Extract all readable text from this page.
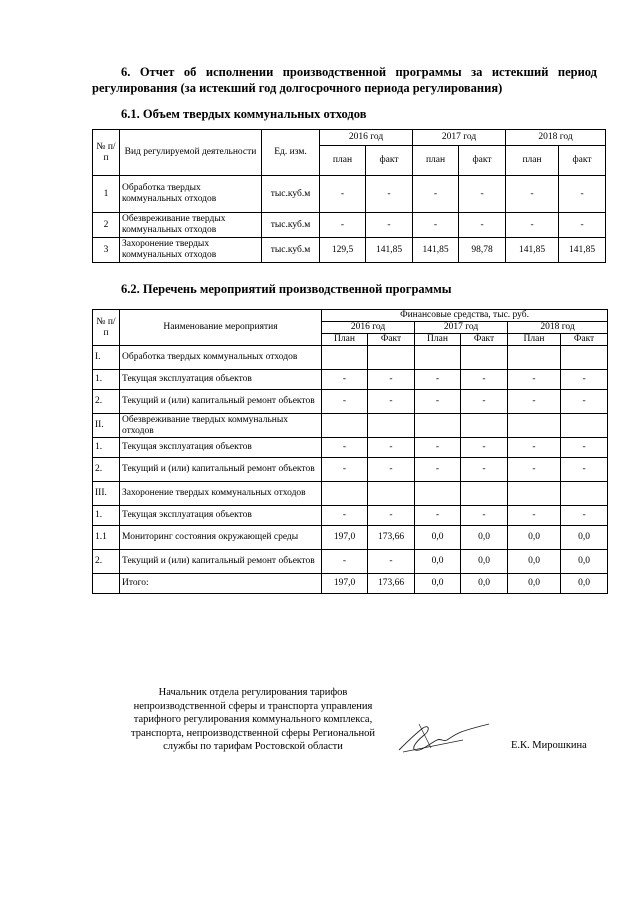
6. Отчет об исполнении производственной программы за истекший период
регулирования (за истекший год долгосрочного периода регулирования)
6.1. Объем твердых коммунальных отходов
№ п/п	Вид регулируемой деятельности	Ед. изм.	2016 год		2017 год		2018 год	
			план	факт	план	факт	план	факт
1	Обработка твердых коммунальных отходов	тыс.куб.м	-	-	-	-	-	-
2	Обезвреживание твердых коммунальных отходов	тыс.куб.м	-	-	-	-	-	-
3	Захоронение твердых коммунальных отходов	тыс.куб.м	129,5	141,85	141,85	98,78	141,85	141,85
6.2. Перечень мероприятий производственной программы
№ п/п	Наименование мероприятия	Финансовые средства, тыс. руб.					
		2016 год		2017 год		2018 год	
		План	Факт	План	Факт	План	Факт
I.	Обработка твердых коммунальных отходов						
1.	Текущая эксплуатация объектов	-	-	-	-	-	-
2.	Текущий и (или) капитальный ремонт объектов	-	-	-	-	-	-
II.	Обезвреживание твердых коммунальных отходов						
1.	Текущая эксплуатация объектов	-	-	-	-	-	-
2.	Текущий и (или) капитальный ремонт объектов	-	-	-	-	-	-
III.	Захоронение твердых коммунальных отходов						
1.	Текущая эксплуатация объектов	-	-	-	-	-	-
1.1	Мониторинг состояния окружающей среды	197,0	173,66	0,0	0,0	0,0	0,0
2.	Текущий и (или) капитальный ремонт объектов	-	-	0,0	0,0	0,0	0,0
	Итого:	197,0	173,66	0,0	0,0	0,0	0,0
Начальник отдела регулирования тарифов
непроизводственной сферы и транспорта управления
тарифного регулирования коммунального комплекса,
транспорта, непроизводственной сферы Региональной
службы по тарифам Ростовской области	Е.К. Мирошкина
